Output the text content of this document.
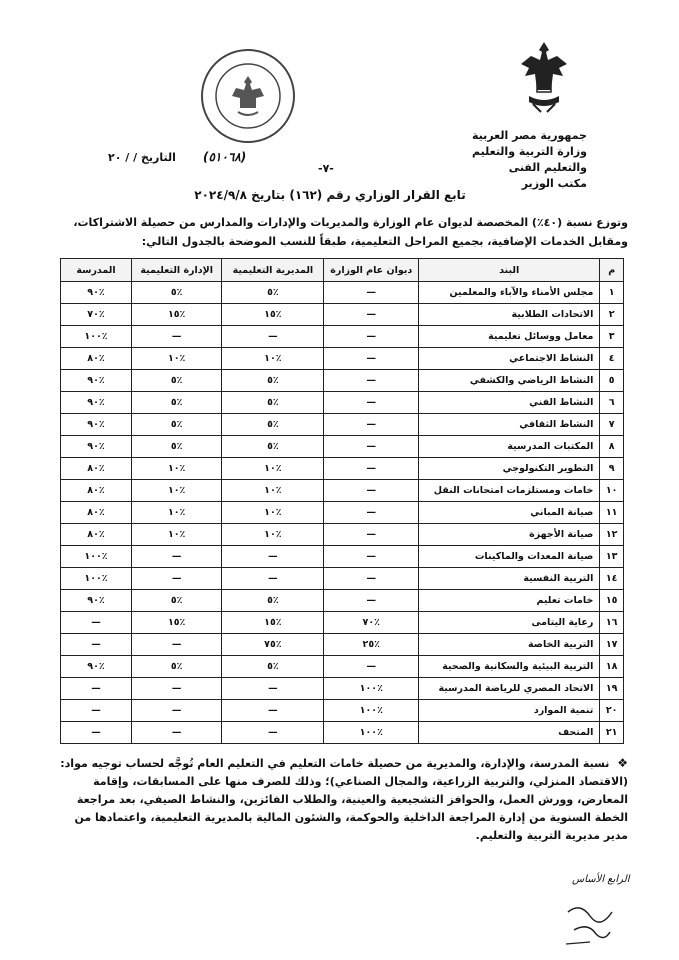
جمهورية مصر العربية
وزارة التربية والتعليم والتعليم الفنى
مكتب الوزير
التاريخ / / ٢٠ (٥١٠٦٨)
-٧-
تابع القرار الوزاري رقم (١٦٢) بتاريخ ٢٠٢٤/٩/٨
وتوزع نسبة (٤٠٪) المخصصة لديوان عام الوزارة والمديريات والإدارات والمدارس من حصيلة الاشتراكات، ومقابل الخدمات الإضافية، بجميع المراحل التعليمية، طبقاً للنسب الموضحة بالجدول التالي:
م	البند	ديوان عام الوزارة	المديرية التعليمية	الإدارة التعليمية	المدرسة
١	مجلس الأمناء والآباء والمعلمين	—	٪٥	٪٥	٪٩٠
٢	الاتحادات الطلابية	—	٪١٥	٪١٥	٪٧٠
٣	معامل ووسائل تعليمية	—	—	—	٪١٠٠
٤	النشاط الاجتماعي	—	٪١٠	٪١٠	٪٨٠
٥	النشاط الرياضي والكشفي	—	٪٥	٪٥	٪٩٠
٦	النشاط الفني	—	٪٥	٪٥	٪٩٠
٧	النشاط الثقافي	—	٪٥	٪٥	٪٩٠
٨	المكتبات المدرسية	—	٪٥	٪٥	٪٩٠
٩	التطوير التكنولوجي	—	٪١٠	٪١٠	٪٨٠
١٠	خامات ومستلزمات امتحانات النقل	—	٪١٠	٪١٠	٪٨٠
١١	صيانة المباني	—	٪١٠	٪١٠	٪٨٠
١٢	صيانة الأجهزة	—	٪١٠	٪١٠	٪٨٠
١٣	صيانة المعدات والماكينات	—	—	—	٪١٠٠
١٤	التربية النفسية	—	—	—	٪١٠٠
١٥	خامات تعليم	—	٪٥	٪٥	٪٩٠
١٦	رعاية اليتامى	٪٧٠	٪١٥	٪١٥	—
١٧	التربية الخاصة	٪٢٥	٪٧٥	—	—
١٨	التربية البيئية والسكانية والصحية	—	٪٥	٪٥	٪٩٠
١٩	الاتحاد المصري للرياضة المدرسية	٪١٠٠	—	—	—
٢٠	تنمية الموارد	٪١٠٠	—	—	—
٢١	المتحف	٪١٠٠	—	—	—
❖ نسبة المدرسة، والإدارة، والمديرية من حصيلة خامات التعليم في التعليم العام تُوجَّه لحساب توجيه مواد: (الاقتصاد المنزلي، والتربية الزراعية، والمجال الصناعي)؛ وذلك للصرف منها على المسابقات، وإقامة المعارض، وورش العمل، والحوافز التشجيعية والعينية، والطلاب الفائزين، والنشاط الصيفي، بعد مراجعة الخطة السنوية من إدارة المراجعة الداخلية والحوكمة، والشئون المالية بالمديرية التعليمية، واعتمادها من مدير مديرية التربية والتعليم.
الرابع الأساس
